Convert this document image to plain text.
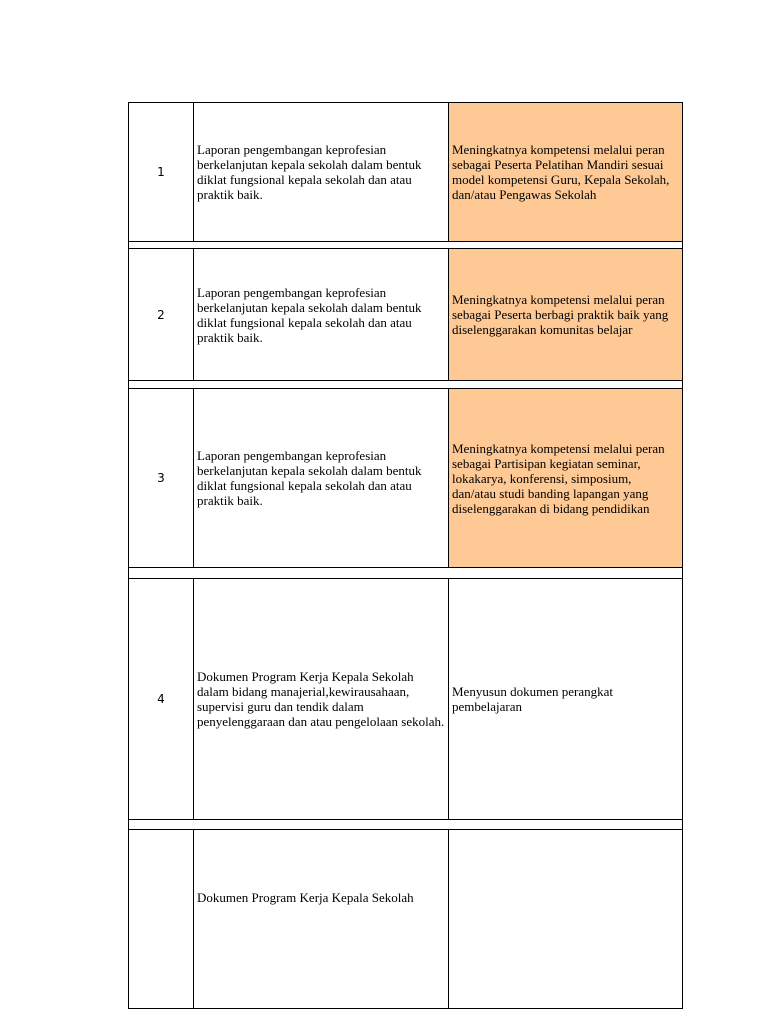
1
Laporan pengembangan keprofesian berkelanjutan kepala sekolah dalam bentuk diklat fungsional kepala sekolah dan atau praktik baik.
Meningkatnya kompetensi melalui peran sebagai Peserta Pelatihan Mandiri sesuai model kompetensi Guru, Kepala Sekolah, dan/atau Pengawas Sekolah
2
Laporan pengembangan keprofesian berkelanjutan kepala sekolah dalam bentuk diklat fungsional kepala sekolah dan atau praktik baik.
Meningkatnya kompetensi melalui peran sebagai Peserta berbagi praktik baik yang diselenggarakan komunitas belajar
3
Laporan pengembangan keprofesian berkelanjutan kepala sekolah dalam bentuk diklat fungsional kepala sekolah dan atau praktik baik.
Meningkatnya kompetensi melalui peran sebagai Partisipan kegiatan seminar, lokakarya, konferensi, simposium, dan/atau studi banding lapangan yang diselenggarakan di bidang pendidikan
4
Dokumen Program Kerja Kepala Sekolah dalam bidang manajerial,kewirausahaan, supervisi guru dan tendik dalam penyelenggaraan dan atau pengelolaan sekolah.
Menyusun dokumen perangkat pembelajaran
Dokumen Program Kerja Kepala Sekolah
